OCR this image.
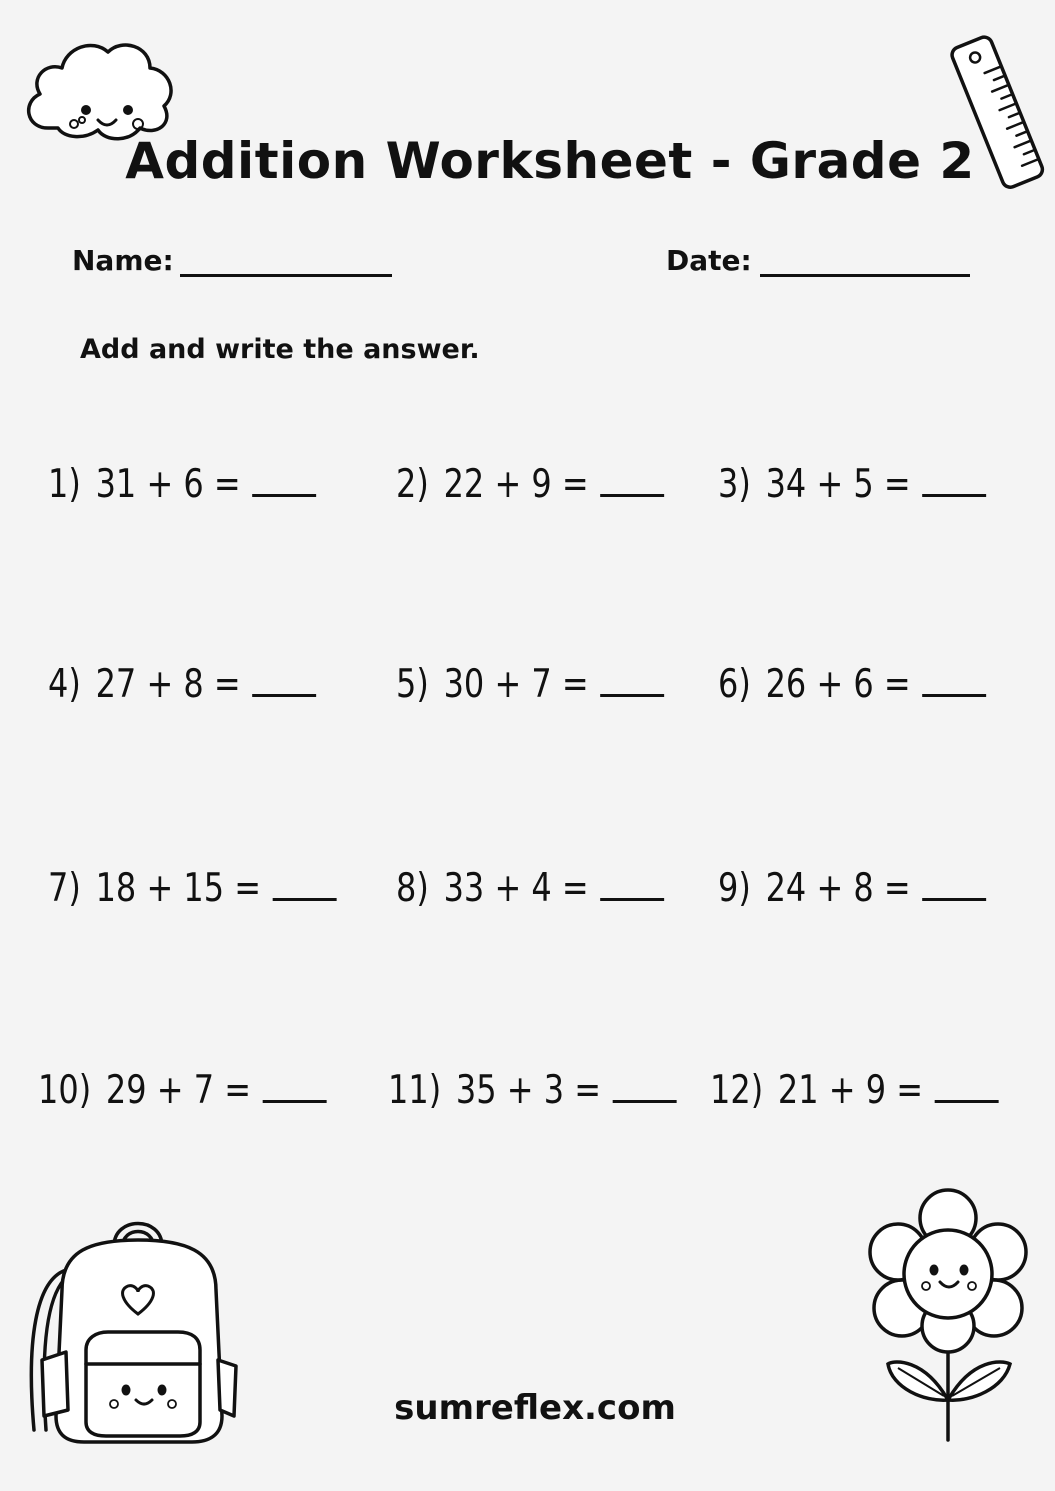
Addition Worksheet - Grade 2
Name:	Date:
Add and write the answer.
1) 31 + 6 =	2) 22 + 9 =	3) 34 + 5 =
4) 27 + 8 =	5) 30 + 7 =	6) 26 + 6 =
7) 18 + 15 =	8) 33 + 4 =	9) 24 + 8 =
10) 29 + 7 =	11) 35 + 3 =	12) 21 + 9 =
sumreflex.com
